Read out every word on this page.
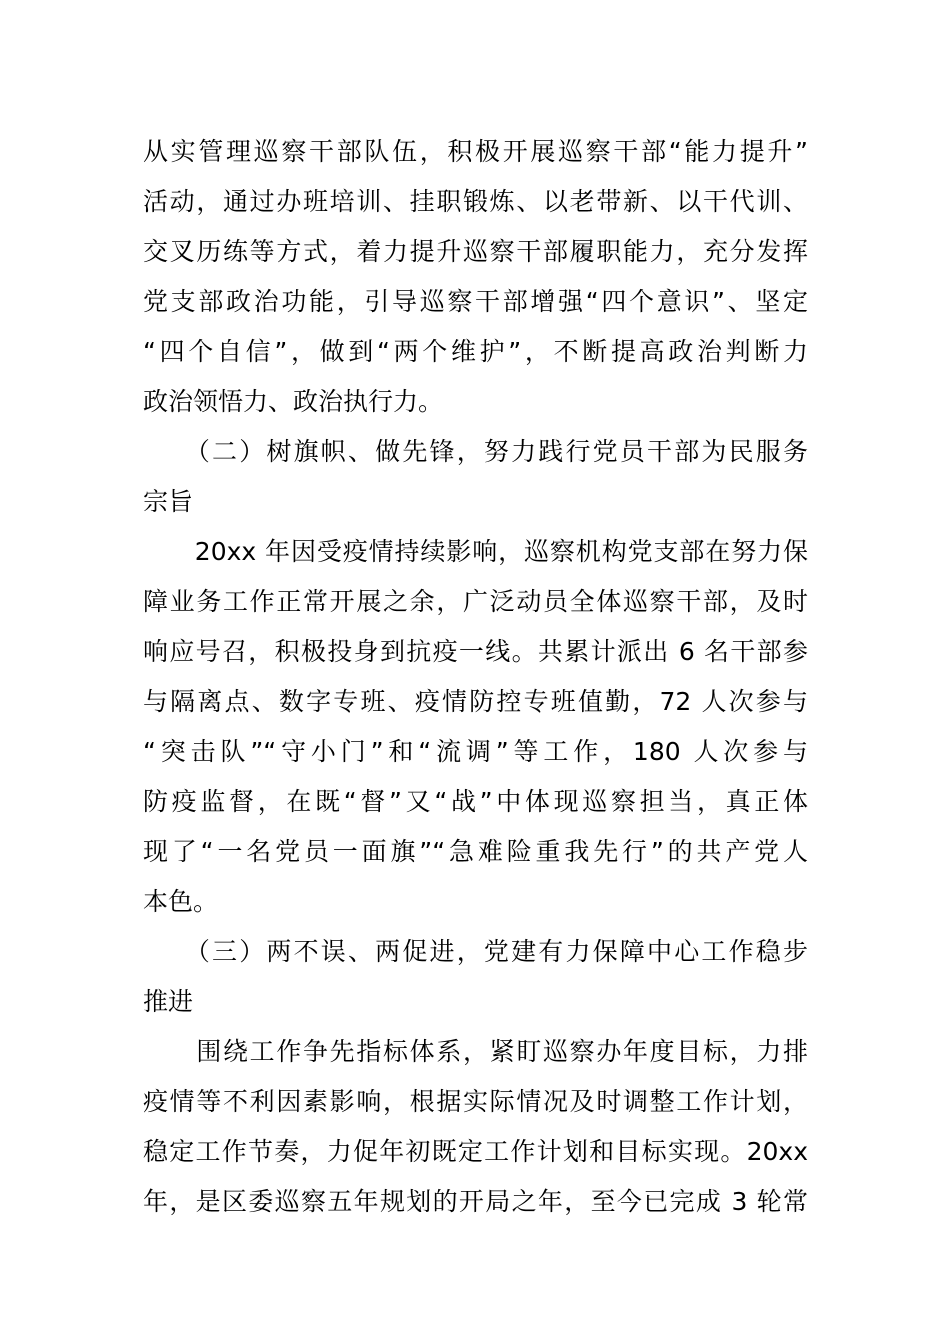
从实管理巡察干部队伍，积极开展巡察干部“能力提升”
活动，通过办班培训、挂职锻炼、以老带新、以干代训、
交叉历练等方式，着力提升巡察干部履职能力，充分发挥
党支部政治功能，引导巡察干部增强“四个意识”、坚定
“四个自信”，做到“两个维护”，不断提高政治判断力
政治领悟力、政治执行力。
　　（二）树旗帜、做先锋，努力践行党员干部为民服务
宗旨
　　20xx 年因受疫情持续影响，巡察机构党支部在努力保
障业务工作正常开展之余，广泛动员全体巡察干部，及时
响应号召，积极投身到抗疫一线。共累计派出 6 名干部参
与隔离点、数字专班、疫情防控专班值勤，72 人次参与
“突击队”“守小门”和“流调”等工作，180 人次参与
防疫监督，在既“督”又“战”中体现巡察担当，真正体
现了“一名党员一面旗”“急难险重我先行”的共产党人
本色。
　　（三）两不误、两促进，党建有力保障中心工作稳步
推进
　　围绕工作争先指标体系，紧盯巡察办年度目标，力排
疫情等不利因素影响，根据实际情况及时调整工作计划，
稳定工作节奏，力促年初既定工作计划和目标实现。20xx
年，是区委巡察五年规划的开局之年，至今已完成 3 轮常
